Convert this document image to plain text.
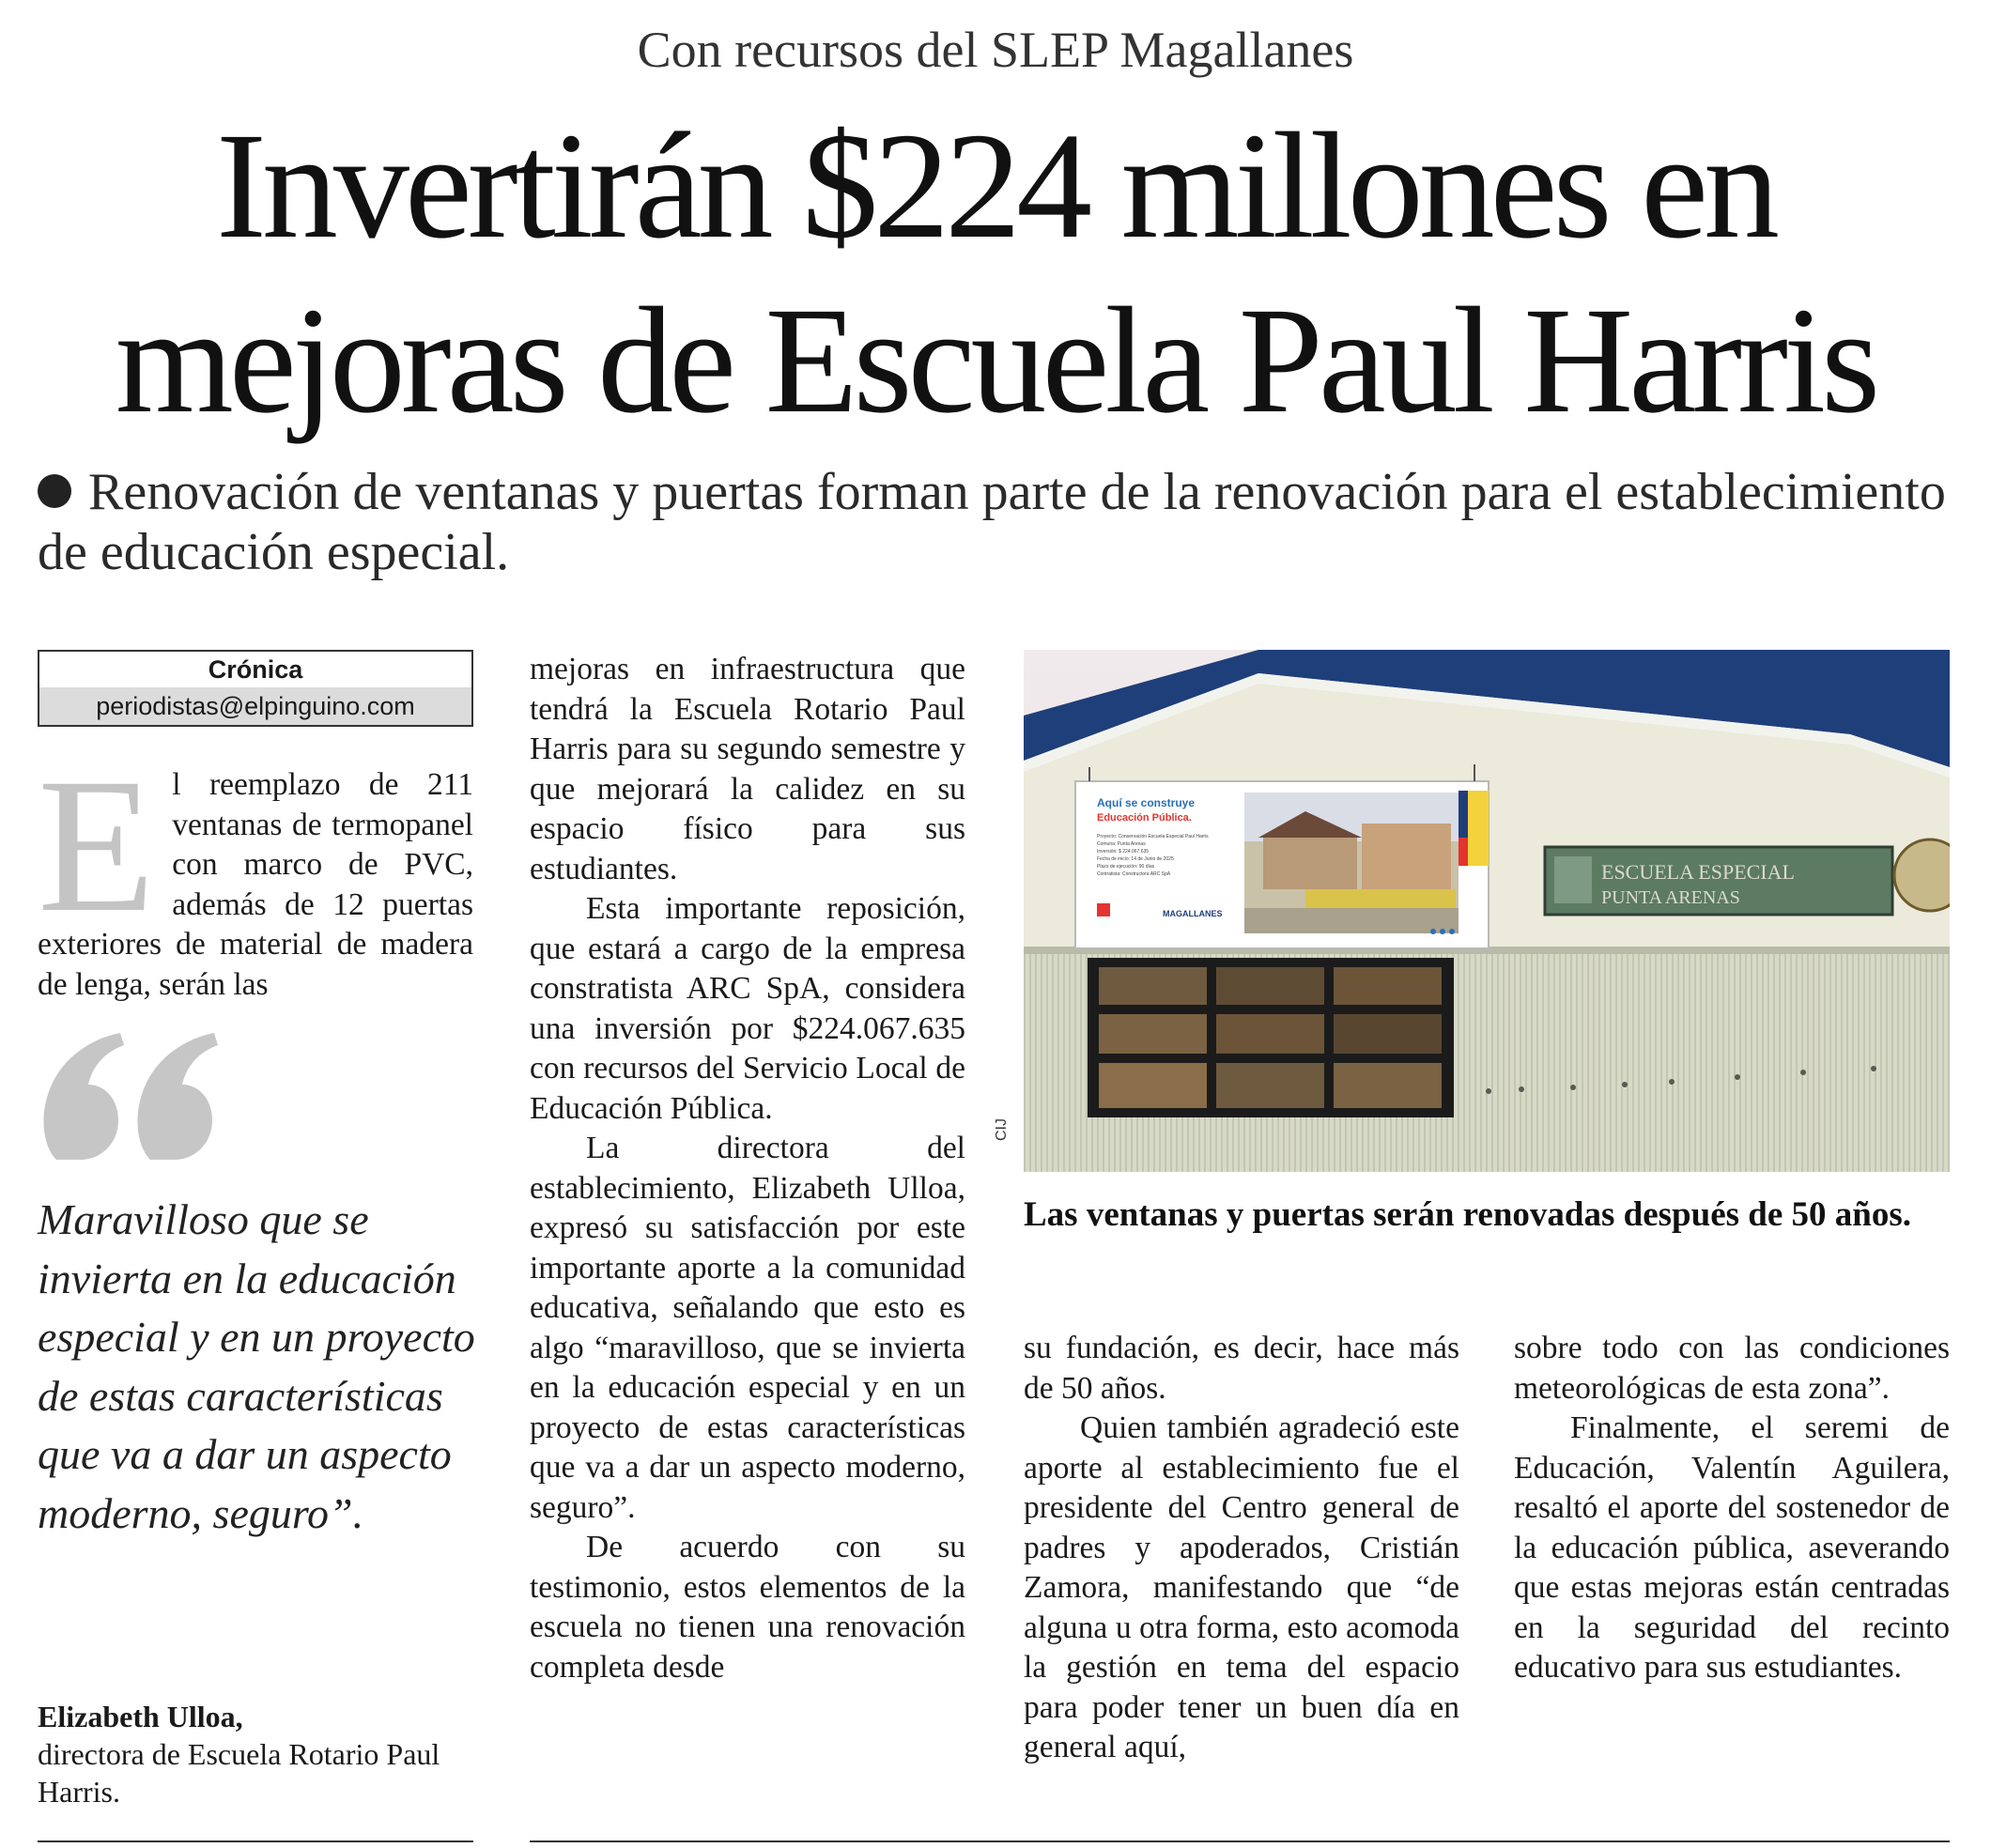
Con recursos del SLEP Magallanes
Invertirán $224 millones en
mejoras de Escuela Paul Harris
Renovación de ventanas y puertas forman parte de la renovación para el establecimiento de educación especial.
Crónica
periodistas@elpinguino.com

El reemplazo de 211 ventanas de termopanel con marco de PVC, además de 12 puertas exteriores de material de madera de lenga, serán las

Maravilloso que se invierta en la educación especial y en un proyecto de estas características que va a dar un aspecto moderno, seguro”.
Elizabeth Ulloa,
directora de Escuela Rotario Paul Harris.

mejoras en infraestructura que tendrá la Escuela Rotario Paul Harris para su segundo semestre y que mejorará la calidez en su espacio físico para sus estudiantes.

Esta importante reposición, que estará a cargo de la empresa constratista ARC SpA, considera una inversión por $224.067.635 con recursos del Servicio Local de Educación Pública.

La directora del establecimiento, Elizabeth Ulloa, expresó su satisfacción por este importante aporte a la comunidad educativa, señalando que esto es algo “maravilloso, que se invierta en la educación especial y en un proyecto de estas características que va a dar un aspecto moderno, seguro”.

De acuerdo con su testimonio, estos elementos de la escuela no tienen una renovación completa desde

Aquí se construye
Educación Pública.
Proyecto: Conservación Escuela Especial Paul Harris Comuna: Punta Arenas Inversión: $ 224.067.635 Fecha de inicio: 14 de Junio de 2025 Plazo de ejecución: 90 días Contratista: Constructora ARC SpA
MAGALLANES
ESCUELA ESPECIAL
PUNTA ARENAS
CIJ
Las ventanas y puertas serán renovadas después de 50 años.

su fundación, es decir, hace más de 50 años.

Quien también agradeció este aporte al establecimiento fue el presidente del Centro general de padres y apoderados, Cristián Zamora, manifestando que “de alguna u otra forma, esto acomoda la gestión en tema del espacio para poder tener un buen día en general aquí,

sobre todo con las condiciones meteorológicas de esta zona”.

Finalmente, el seremi de Educación, Valentín Aguilera, resaltó el aporte del sostenedor de la educación pública, aseverando que estas mejoras están centradas en la seguridad del recinto educativo para sus estudiantes.
